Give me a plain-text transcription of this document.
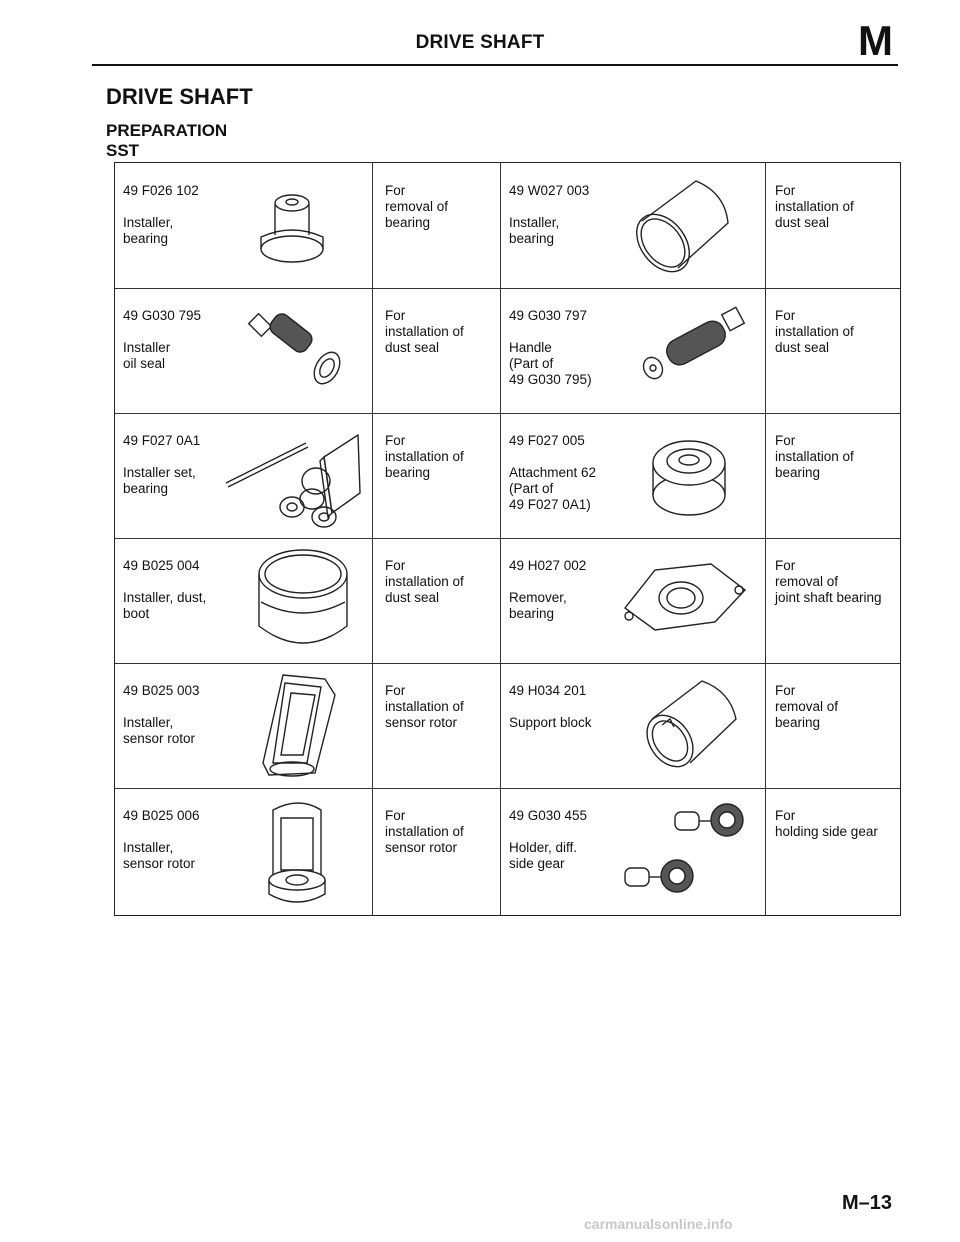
DRIVE SHAFT	M
DRIVE SHAFT
PREPARATION
SST
49 F026 102
Installer,
bearing
For
removal of
bearing
49 W027 003
Installer,
bearing
For
installation of
dust seal
49 G030 795
Installer
oil seal
For
installation of
dust seal
49 G030 797
Handle
(Part of
49 G030 795)
For
installation of
dust seal
49 F027 0A1
Installer set,
bearing
For
installation of
bearing
49 F027 005
Attachment 62
(Part of
49 F027 0A1)
For
installation of
bearing
49 B025 004
Installer, dust,
boot
For
installation of
dust seal
49 H027 002
Remover,
bearing
For
removal of
joint shaft bearing
49 B025 003
Installer,
sensor rotor
For
installation of
sensor rotor
49 H034 201
Support block
For
removal of
bearing
49 B025 006
Installer,
sensor rotor
For
installation of
sensor rotor
49 G030 455
Holder, diff.
side gear
For
holding side gear
M–13
carmanualsonline.info
